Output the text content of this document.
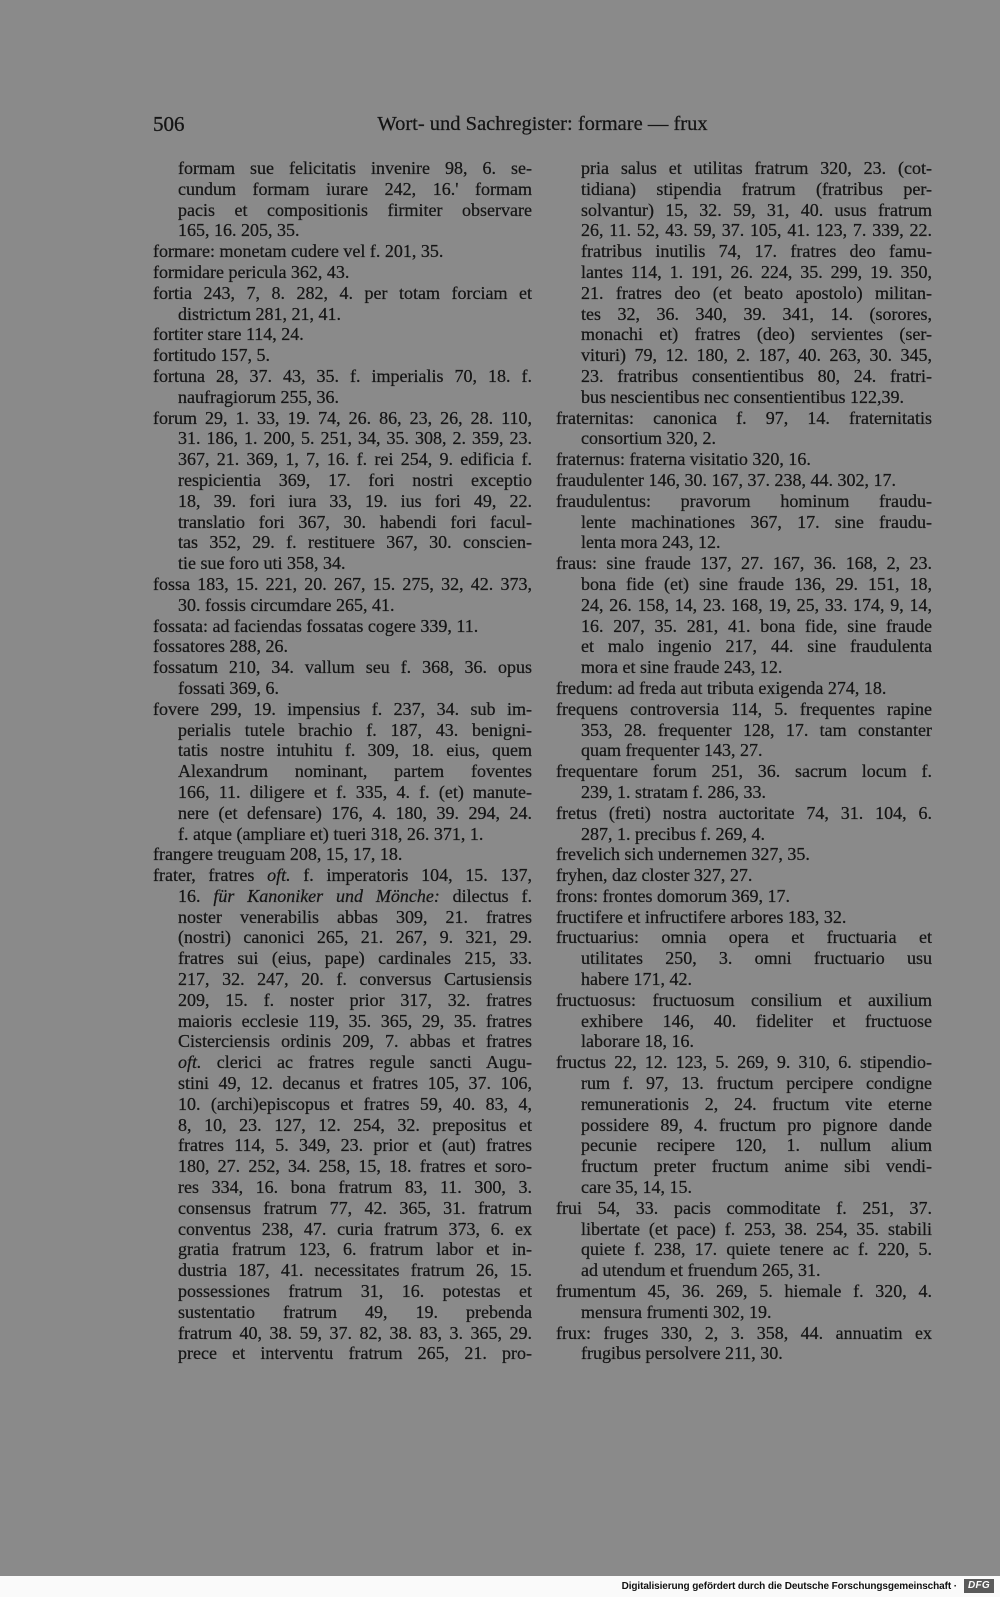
506	Wort- und Sachregister: formare — frux
formam sue felicitatis invenire 98, 6. se-
cundum formam iurare 242, 16.' formam
pacis et compositionis firmiter observare
165, 16. 205, 35.
formare: monetam cudere vel f. 201, 35.
formidare pericula 362, 43.
fortia 243, 7, 8. 282, 4. per totam forciam et
districtum 281, 21, 41.
fortiter stare 114, 24.
fortitudo 157, 5.
fortuna 28, 37. 43, 35. f. imperialis 70, 18. f.
naufragiorum 255, 36.
forum 29, 1. 33, 19. 74, 26. 86, 23, 26, 28. 110,
31. 186, 1. 200, 5. 251, 34, 35. 308, 2. 359, 23.
367, 21. 369, 1, 7, 16. f. rei 254, 9. edificia f.
respicientia 369, 17. fori nostri exceptio
18, 39. fori iura 33, 19. ius fori 49, 22.
translatio fori 367, 30. habendi fori facul-
tas 352, 29. f. restituere 367, 30. conscien-
tie sue foro uti 358, 34.
fossa 183, 15. 221, 20. 267, 15. 275, 32, 42. 373,
30. fossis circumdare 265, 41.
fossata: ad faciendas fossatas cogere 339, 11.
fossatores 288, 26.
fossatum 210, 34. vallum seu f. 368, 36. opus
fossati 369, 6.
fovere 299, 19. impensius f. 237, 34. sub im-
perialis tutele brachio f. 187, 43. benigni-
tatis nostre intuhitu f. 309, 18. eius, quem
Alexandrum nominant, partem foventes
166, 11. diligere et f. 335, 4. f. (et) manute-
nere (et defensare) 176, 4. 180, 39. 294, 24.
f. atque (ampliare et) tueri 318, 26. 371, 1.
frangere treuguam 208, 15, 17, 18.
frater, fratres oft. f. imperatoris 104, 15. 137,
16. für Kanoniker und Mönche: dilectus f.
noster venerabilis abbas 309, 21. fratres
(nostri) canonici 265, 21. 267, 9. 321, 29.
fratres sui (eius, pape) cardinales 215, 33.
217, 32. 247, 20. f. conversus Cartusiensis
209, 15. f. noster prior 317, 32. fratres
maioris ecclesie 119, 35. 365, 29, 35. fratres
Cisterciensis ordinis 209, 7. abbas et fratres
oft. clerici ac fratres regule sancti Augu-
stini 49, 12. decanus et fratres 105, 37. 106,
10. (archi)episcopus et fratres 59, 40. 83, 4,
8, 10, 23. 127, 12. 254, 32. prepositus et
fratres 114, 5. 349, 23. prior et (aut) fratres
180, 27. 252, 34. 258, 15, 18. fratres et soro-
res 334, 16. bona fratrum 83, 11. 300, 3.
consensus fratrum 77, 42. 365, 31. fratrum
conventus 238, 47. curia fratrum 373, 6. ex
gratia fratrum 123, 6. fratrum labor et in-
dustria 187, 41. necessitates fratrum 26, 15.
possessiones fratrum 31, 16. potestas et
sustentatio fratrum 49, 19. prebenda
fratrum 40, 38. 59, 37. 82, 38. 83, 3. 365, 29.
prece et interventu fratrum 265, 21. pro-
pria salus et utilitas fratrum 320, 23. (cot-
tidiana) stipendia fratrum (fratribus per-
solvantur) 15, 32. 59, 31, 40. usus fratrum
26, 11. 52, 43. 59, 37. 105, 41. 123, 7. 339, 22.
fratribus inutilis 74, 17. fratres deo famu-
lantes 114, 1. 191, 26. 224, 35. 299, 19. 350,
21. fratres deo (et beato apostolo) militan-
tes 32, 36. 340, 39. 341, 14. (sorores,
monachi et) fratres (deo) servientes (ser-
vituri) 79, 12. 180, 2. 187, 40. 263, 30. 345,
23. fratribus consentientibus 80, 24. fratri-
bus nescientibus nec consentientibus 122,39.
fraternitas: canonica f. 97, 14. fraternitatis
consortium 320, 2.
fraternus: fraterna visitatio 320, 16.
fraudulenter 146, 30. 167, 37. 238, 44. 302, 17.
fraudulentus: pravorum hominum fraudu-
lente machinationes 367, 17. sine fraudu-
lenta mora 243, 12.
fraus: sine fraude 137, 27. 167, 36. 168, 2, 23.
bona fide (et) sine fraude 136, 29. 151, 18,
24, 26. 158, 14, 23. 168, 19, 25, 33. 174, 9, 14,
16. 207, 35. 281, 41. bona fide, sine fraude
et malo ingenio 217, 44. sine fraudulenta
mora et sine fraude 243, 12.
fredum: ad freda aut tributa exigenda 274, 18.
frequens controversia 114, 5. frequentes rapine
353, 28. frequenter 128, 17. tam constanter
quam frequenter 143, 27.
frequentare forum 251, 36. sacrum locum f.
239, 1. stratam f. 286, 33.
fretus (freti) nostra auctoritate 74, 31. 104, 6.
287, 1. precibus f. 269, 4.
frevelich sich undernemen 327, 35.
fryhen, daz closter 327, 27.
frons: frontes domorum 369, 17.
fructifere et infructifere arbores 183, 32.
fructuarius: omnia opera et fructuaria et
utilitates 250, 3. omni fructuario usu
habere 171, 42.
fructuosus: fructuosum consilium et auxilium
exhibere 146, 40. fideliter et fructuose
laborare 18, 16.
fructus 22, 12. 123, 5. 269, 9. 310, 6. stipendio-
rum f. 97, 13. fructum percipere condigne
remunerationis 2, 24. fructum vite eterne
possidere 89, 4. fructum pro pignore dande
pecunie recipere 120, 1. nullum alium
fructum preter fructum anime sibi vendi-
care 35, 14, 15.
frui 54, 33. pacis commoditate f. 251, 37.
libertate (et pace) f. 253, 38. 254, 35. stabili
quiete f. 238, 17. quiete tenere ac f. 220, 5.
ad utendum et fruendum 265, 31.
frumentum 45, 36. 269, 5. hiemale f. 320, 4.
mensura frumenti 302, 19.
frux: fruges 330, 2, 3. 358, 44. annuatim ex
frugibus persolvere 211, 30.
Digitalisierung gefördert durch die Deutsche Forschungsgemeinschaft ·	DFG
